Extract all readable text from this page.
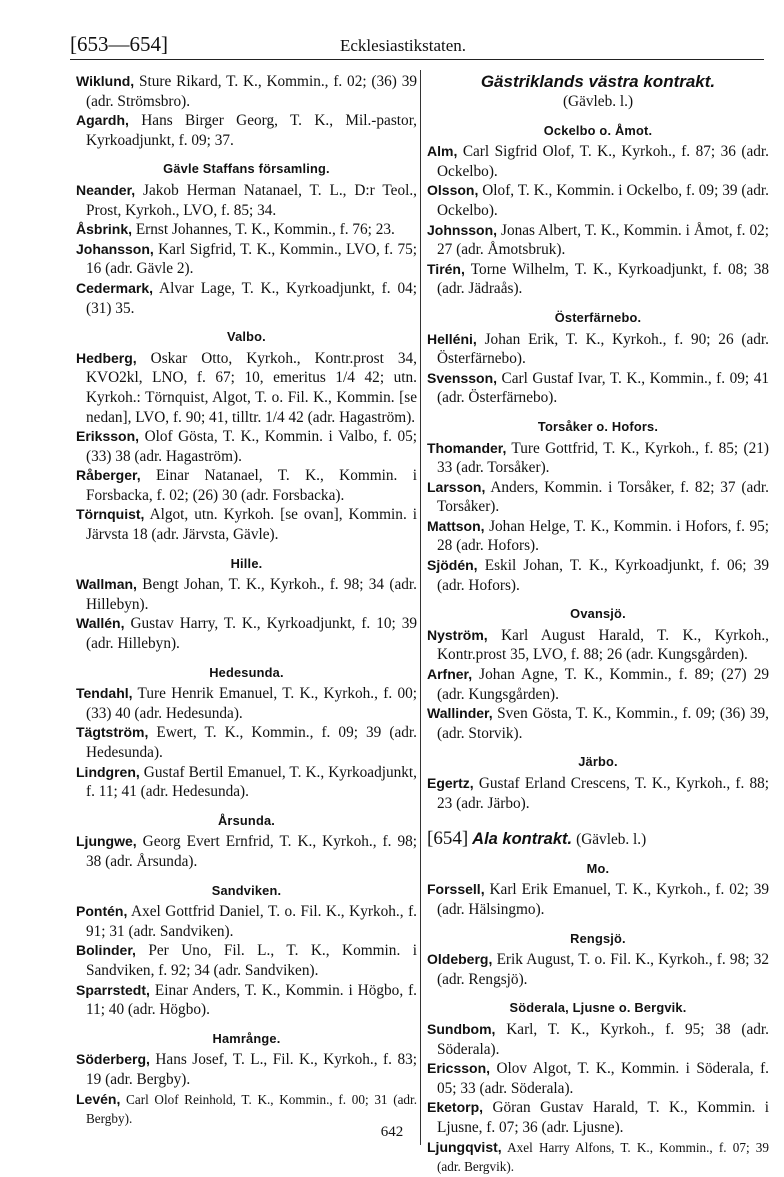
[653—654]	Ecklesiastikstaten.

Wiklund, Sture Rikard, T. K., Kommin., f. 02; (36) 39 (adr. Strömsbro).

Agardh, Hans Birger Georg, T. K., Mil.-pastor, Kyrkoadjunkt, f. 09; 37.

Gävle Staffans församling.

Neander, Jakob Herman Natanael, T. L., D:r Teol., Prost, Kyrkoh., LVO, f. 85; 34.

Åsbrink, Ernst Johannes, T. K., Kommin., f. 76; 23.

Johansson, Karl Sigfrid, T. K., Kommin., LVO, f. 75; 16 (adr. Gävle 2).

Cedermark, Alvar Lage, T. K., Kyrkoadjunkt, f. 04; (31) 35.

Valbo.

Hedberg, Oskar Otto, Kyrkoh., Kontr.prost 34, KVO2kl, LNO, f. 67; 10, emeritus 1/4 42; utn. Kyrkoh.: Törnquist, Algot, T. o. Fil. K., Kommin. [se nedan], LVO, f. 90; 41, tilltr. 1/4 42 (adr. Hagaström).

Eriksson, Olof Gösta, T. K., Kommin. i Valbo, f. 05; (33) 38 (adr. Hagaström).

Råberger, Einar Natanael, T. K., Kommin. i Forsbacka, f. 02; (26) 30 (adr. Forsbacka).

Törnquist, Algot, utn. Kyrkoh. [se ovan], Kommin. i Järvsta 18 (adr. Järvsta, Gävle).

Hille.

Wallman, Bengt Johan, T. K., Kyrkoh., f. 98; 34 (adr. Hillebyn).

Wallén, Gustav Harry, T. K., Kyrkoadjunkt, f. 10; 39 (adr. Hillebyn).

Hedesunda.

Tendahl, Ture Henrik Emanuel, T. K., Kyrkoh., f. 00; (33) 40 (adr. Hedesunda).

Tägtström, Ewert, T. K., Kommin., f. 09; 39 (adr. Hedesunda).

Lindgren, Gustaf Bertil Emanuel, T. K., Kyrkoadjunkt, f. 11; 41 (adr. Hedesunda).

Årsunda.

Ljungwe, Georg Evert Ernfrid, T. K., Kyrkoh., f. 98; 38 (adr. Årsunda).

Sandviken.

Pontén, Axel Gottfrid Daniel, T. o. Fil. K., Kyrkoh., f. 91; 31 (adr. Sandviken).

Bolinder, Per Uno, Fil. L., T. K., Kommin. i Sandviken, f. 92; 34 (adr. Sandviken).

Sparrstedt, Einar Anders, T. K., Kommin. i Högbo, f. 11; 40 (adr. Högbo).

Hamrånge.

Söderberg, Hans Josef, T. L., Fil. K., Kyrkoh., f. 83; 19 (adr. Bergby).

Levén, Carl Olof Reinhold, T. K., Kommin., f. 00; 31 (adr. Bergby).

Gästriklands västra kontrakt.
(Gävleb. l.)
Ockelbo o. Åmot.

Alm, Carl Sigfrid Olof, T. K., Kyrkoh., f. 87; 36 (adr. Ockelbo).

Olsson, Olof, T. K., Kommin. i Ockelbo, f. 09; 39 (adr. Ockelbo).

Johnsson, Jonas Albert, T. K., Kommin. i Åmot, f. 02; 27 (adr. Åmotsbruk).

Tirén, Torne Wilhelm, T. K., Kyrkoadjunkt, f. 08; 38 (adr. Jädraås).

Österfärnebo.

Helléni, Johan Erik, T. K., Kyrkoh., f. 90; 26 (adr. Österfärnebo).

Svensson, Carl Gustaf Ivar, T. K., Kommin., f. 09; 41 (adr. Österfärnebo).

Torsåker o. Hofors.

Thomander, Ture Gottfrid, T. K., Kyrkoh., f. 85; (21) 33 (adr. Torsåker).

Larsson, Anders, Kommin. i Torsåker, f. 82; 37 (adr. Torsåker).

Mattson, Johan Helge, T. K., Kommin. i Hofors, f. 95; 28 (adr. Hofors).

Sjödén, Eskil Johan, T. K., Kyrkoadjunkt, f. 06; 39 (adr. Hofors).

Ovansjö.

Nyström, Karl August Harald, T. K., Kyrkoh., Kontr.prost 35, LVO, f. 88; 26 (adr. Kungsgården).

Arfner, Johan Agne, T. K., Kommin., f. 89; (27) 29 (adr. Kungsgården).

Wallinder, Sven Gösta, T. K., Kommin., f. 09; (36) 39, (adr. Storvik).

Järbo.

Egertz, Gustaf Erland Crescens, T. K., Kyrkoh., f. 88; 23 (adr. Järbo).

[654] Ala kontrakt. (Gävleb. l.)
Mo.

Forssell, Karl Erik Emanuel, T. K., Kyrkoh., f. 02; 39 (adr. Hälsingmo).

Rengsjö.

Oldeberg, Erik August, T. o. Fil. K., Kyrkoh., f. 98; 32 (adr. Rengsjö).

Söderala, Ljusne o. Bergvik.

Sundbom, Karl, T. K., Kyrkoh., f. 95; 38 (adr. Söderala).

Ericsson, Olov Algot, T. K., Kommin. i Söderala, f. 05; 33 (adr. Söderala).

Eketorp, Göran Gustav Harald, T. K., Kommin. i Ljusne, f. 07; 36 (adr. Ljusne).

Ljungqvist, Axel Harry Alfons, T. K., Kommin., f. 07; 39 (adr. Bergvik).

642
